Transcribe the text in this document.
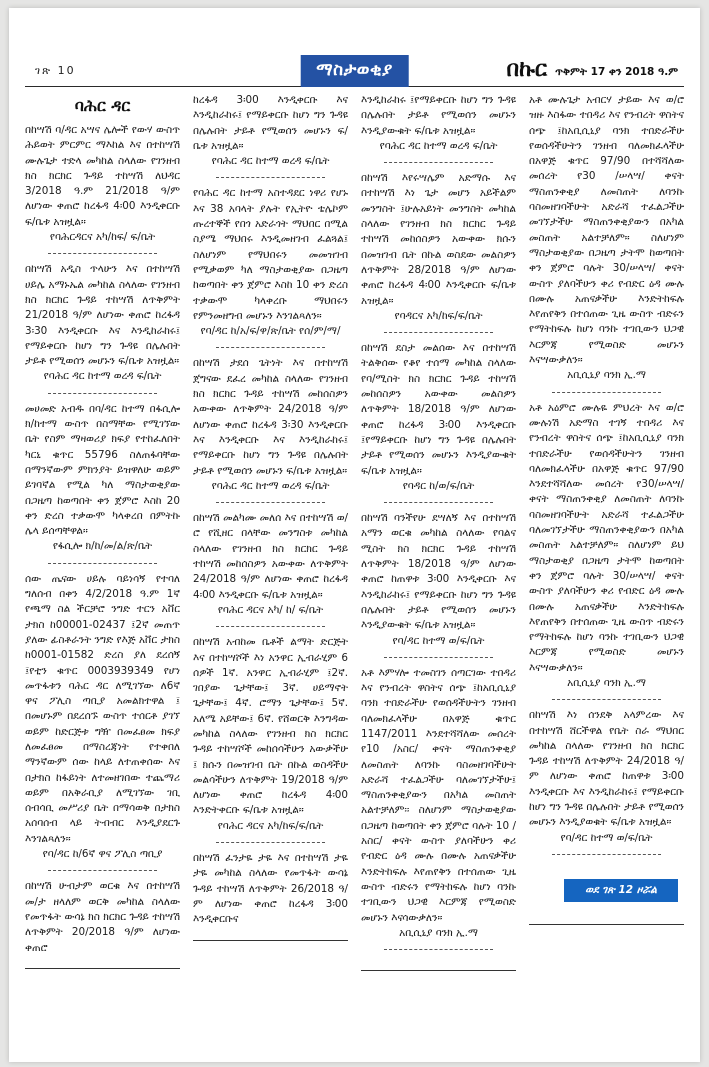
ገጽ 10	ማስታወቂያ	በኩር ጥቅምት 17 ቀን 2018 ዓ.ም
ባሕር ዳር

በከሣሽ ባ/ዳር አሣና ሌሎች የውሃ ውስጥ ሕይወት ምርምር ማእከል እና በተከሣሽ ሙሉጌታ ተድላ መካከል ስላለው የገንዘብ ክስ ክርክር ጉዳይ ተከሣሽ ለህዳር 3/2018 ዓ.ም 21/2018 ዓ/ም ለሆነው ቀጠሮ ከረፋዳ 4፡00 እንዲቀርቡ ፍ/ቤቱ አዝዟል።

የባሕርዳርና አካ/ከፍ/ ፍ/ቤት

በከሣሽ አዲስ ጥላሁን እና በተከሣሽ ሀይሌ አማኑኤል መካከል ስላለው የገንዘብ ክስ ክርክር ጉዳይ ተከሣሽ ለጥቅምት 21/2018 ዓ/ም ለሆነው ቀጠሮ ከረፋዳ 3፡30 እንዲቀርቡ እና እንዲከራከሩ፤ የማይቀርቡ ከሆነ ግን ጉዳዩ በሌሉበት ታይቶ የሚወሰን መሆኑን ፍ/ቤቱ አዝዟል።

የባሕር ዳር ከተማ ወረዳ ፍ/ቤት

መሀመድ አብዱ በባ/ዳር ከተማ በፋሲሎ ክ/ከተማ ውስጥ በስማቸው የሚገኘው ቤት የስም ማዛወሪያ ክፍያ የተከፈለበት ካርኒ ቁጥር 55796 ስለጠፋባቸው በማንኛውም ምክንያት ይዝዋለሁ ወይም ይገባኛል የሚል ካለ ማስታወቂያው በጋዜጣ ከወጣበት ቀን ጀምሮ እስከ 20 ቀን ድረስ ተቃውሞ ካላቀረበ በምትኩ ሌላ ይሰጣቸዋል።

የፋሲሎ ክ/ከ/መ/ል/ጽ/ቤት

ሰው ጤናው ሀይሉ ባይነሳኝ የተባለ ግለሰብ በቀን 4/2/2018 ዓ.ም 1ኛ የጫማ ስል ችርቻሮ ንግድ ተርን አቨር ታክስ ከ00001-02437 ፤2ኛ መጠጥ ያለው ፊስቶራንት ንግድ የእጅ አቨር ታክስ ከ0001-01582 ድረስ ያለ ደረሰኝ ፤የቲን ቁጥር 0003939349 የሆነ መጥፋቱን ባሕር ዳር ለሚገኘው ለ6ኛ ዋና ፖሊስ ጣቢያ አመልክተዋል ፤ በመሆኑም በደረሰኙ ውስጥ ተሰርቶ ያገኘ ወይም ከድርጅቱ ግዥ በመፈፀመ ክፍያ ለመፈፀመ በማስረጃነት የተቀበለ ማንኛውም ሰው ከላይ ለተጠቀሰው እና በታክስ ከፋይነት ለተመዘገበው ተጨማሪ ወይም በአቅራቢያ ለሚገኘው ገቢ ሰብሳቢ መሥሪያ ቤት በማሳወቅ በታክስ አሰባሰብ ላይ ትብብር እንዲያደርጉ እንገልጻለን።

የባ/ዳር ከ/6ኛ ዋና ፖሊስ ጣቢያ

በከሣሽ ሁብታም ወርቁ እና በተከሣሽ መ/ታ ዘላለም ወርቅ መካከል ስላለው የመጥፋት ውሳኔ ክስ ክርክር ጉዳይ ተከሣሽ ለጥቅምት 20/2018 ዓ/ም ለሆነው ቀጠሮ

ከረፋዳ 3፡00 እንዲቀርቡ እና እንዲከራከሩ፤ የማይቀርቡ ከሆነ ግን ጉዳዩ በሌሉበት ታይቶ የሚወሰን መሆኑን ፍ/ቤቱ አዝዟል።

የባሕር ዳር ከተማ ወረዳ ፍ/ቤት

የባሕር ዳር ከተማ አስተዳደር ነዋሪ የሆኑ እና 38 አባላት ያሉት የኢትዮ ቴሌኮም ጡረተኞች የበጎ አድራጎት ማህበር በሚል ስያሜ ማህበሩ እንዲመዘገብ ፈልጓል፤ ስለሆነም የማህበሩን መመዝገብ የሚቃወም ካለ ማስታወቂያው በጋዜጣ ከወጣበት ቀን ጀምሮ እስከ 10 ቀን ድረስ ተቃውሞ ካላቀረቡ ማህበሩን የምንመዘግብ መሆኑን እንገልጻለን።

የባ/ዳር ከ/አ/ፍ/ዋ/ጽ/ቤት የሰ/ም/ማ/

በከሣሽ ታደሰ ጌትነት እና በተከሣሽ ጀግናው ደፈረ መካከል ስላለው የገንዘብ ክስ ክርክር ጉዳይ ተከሣሽ መከሰስዎን አውቀው ለጥቅምት 24/2018 ዓ/ም ለሆነው ቀጠሮ ከረፋዳ 3፡30 እንዲቀርቡ እና እንዲቀርቡ እና እንዲከራከሩ፤ የማይቀርቡ ከሆነ ግን ጉዳዩ በሌሉበት ታይቶ የሚወሰን መሆኑን ፍ/ቤቱ አዝዟል።

የባሕር ዳር ከተማ ወረዳ ፍ/ቤት

በከሣሽ መልካሙ መለሰ እና በተከሣሽ ወ/ሮ የሺዘር በላቸው መንግስቱ መካከል ስላለው የገንዘብ ክስ ክርክር ጉዳይ ተከሣሽ መከሰስዎን አውቀው ለጥቅምት 24/2018 ዓ/ም ለሆነው ቀጠሮ ከረፋዳ 4፡00 እንዲቀርቡ ፍ/ቤቱ አዝዟል።

የባሕር ዳርና አካ/ ከ/ ፍ/ቤት

በከሣሽ አብከመ ቤቶች ልማት ድርጅት እና በተከሣሾች እነ አንዋር ኢብራሂም 6 ሰዎች 1ኛ. አንዋር ኢብራሂም ፤2ኛ. ገበያው ጌታቸው፤ 3ኛ. ሀይማኖት ጌታቸው፤ 4ኛ. ሮማን ጌታቸው፤ 5ኛ. አለሜ አይቸው፤ 6ኛ. የሸወርቅ እንግዳው መካከል ስላለው የገንዘብ ክስ ክርክር ጉዳይ ተከሣሾች መከሰሳችሁን አውቃችሁ ፤ ክሱን በመዝገብ ቤት በኩል ወስዳችሁ መልሳችሁን ለጥቅምት 19/2018 ዓ/ም ለሆነው ቀጠሮ ከረፋዳ 4፡00 እንድትቀርቡ ፍ/ቤቱ አዝዟል።

የባሕር ዳርና አካ/ከፍ/ፍ/ቤት

በከሣሽ ፈንታዬ ታዬ እና በተከሣሽ ታዬ ታዬ መካከል ስላለው የመጥፋት ውሳኔ ጉዳይ ተከሣሽ ለጥቅምት 26/2018 ዓ/ም ለሆነው ቀጠሮ ከረፋዳ 3፡00 እንዲቀርቡና

እንዲከራከሩ ፤የማይቀርቡ ከሆነ ግን ጉዳዩ በሌሉበት ታይቶ የሚወሰን መሆኑን እንዲያውቁት ፍ/ቤቱ አዝዟል።

የባሕር ዳር ከተማ ወረዳ ፍ/ቤት

በከሣሽ እየሩሣሌም አድማሱ እና በተከሣሽ እነ ጌታ መሆን አይችልም መንግስት ፤ሁሉአይነት መንግስት መካከል ስላለው የገንዘብ ክስ ክርክር ጉዳይ ተከሣሽ መከሰስዎን አውቀው ክሱን በመዝገብ ቤት በኩል ወስደው መልስዎን ለጥቅምት 28/2018 ዓ/ም ለሆነው ቀጠሮ ከረፋዳ 4፡00 እንዲቀርቡ ፍ/ቤቱ አዝዟል።

የባዳርና አካ/ከፍ/ፍ/ቤት

በከሣሽ ደስታ መልሰው እና በተከሣሽ ትልቅሰው የቆየ ተሰማ መካከል ስላለው የባ/ሚስት ክስ ክርክር ጉዳይ ተከሣሽ መከሰስዎን አውቀው መልስዎን ለጥቅምት 18/2018 ዓ/ም ለሆነው ቀጠሮ ከረፋዳ 3፡00 እንዲቀርቡ ፤የማይቀርቡ ከሆነ ግን ጉዳዩ በሌሉበት ታይቶ የሚወሰን መሆኑን እንዲያውቁት ፍ/ቤቱ አዝዟል።

የባዳር ከ/ወ/ፍ/ቤት

በከሣሽ ባንችየሁ ደሣለኝ እና በተከሣሽ አማን ወርቁ መካከል ስላለው የባልና ሚስት ክስ ክርክር ጉዳይ ተከሣሽ ለጥቅምት 18/2018 ዓ/ም ለሆነው ቀጠሮ ከጠዋቱ 3፡00 እንዲቀርቡ እና እንዲከራከሩ፤ የማይቀርቡ ከሆነ ግን ጉዳዩ በሌሉበት ታይቶ የሚወሰን መሆኑን እንዲያውቁት ፍ/ቤቱ አዝዟል።

የባ/ዳር ከተማ ወ/ፍ/ቤት

አቶ እምሃሎ ተመስገን ሰጣርገው ተበዳሪ እና የንብረት ዋስትና ሰጭ ፤ከአቢሲኒያ ባንክ ተበድራችሁ የወሰዳችሁትን ገንዘብ ባለመክፈላችሁ በአዋጅ ቁጥር 1147/2011 እንደተሻሻለው መሰረት የ10 /አስር/ ቀናት ማስጠንቀቂያ ለመስጠት ለባንኩ ባስመዘገባችሁት አድራሻ ተፈልጋችሁ ባለመገኘታችሁ፤ ማስጠንቀቂያውን በአካል መስጠት አልተቻለም፡፡ ስለሆነም ማስታወቂያው በጋዜጣ ከወጣበት ቀን ጀምሮ ባሉት 10 /አስር/ ቀናት ውስጥ ያለባችሁን ቀሪ የብድር ዕዳ ሙሉ በሙሉ አጠናቃችሁ እንድትከፍሉ እየጠየቅን በተሰጠው ጊዜ ውስጥ ብድሩን የማትከፍሉ ከሆነ ባንኩ ተገቢውን ህጋዊ እርምጃ የሚወስድ መሆኑን እናሳውቃለን።

አቢሲኒያ ባንክ ኢ.ማ

አቶ ሙሉጌታ አብርሃ ታይው እና ወ/ሮ ዝዙ እስፋው ተበዳሪ እና የንብረት ዋስትና ሰጭ ፤ከአቢሲኒያ ባንክ ተበድራችሁ የወሰዳችሁትን ገንዘብ ባለመክፈላችሁ በአዋጅ ቁጥር 97/90 በተሻሻለው መሰረት የ30 /ሠላሣ/ ቀናት ማስጠንቀቂያ ለመስጠት ለባንኩ ባስመዘገባችሁት አድራሻ ተፈልጋችሁ መገኘታችሁ ማስጠንቀቂያውን በአካል መስጠት አልተቻለም። ስለሆነም ማስታወቂያው በጋዜጣ ታትሞ ከወጣበት ቀን ጀምሮ ባሉት 30/ሠላሣ/ ቀናት ውስጥ ያለባችሁን ቀሪ የብድር ዕዳ ሙሉ በሙሉ አጠናቃችሁ እንድትከፍሉ እየጠየቅን በተሰጠው ጊዜ ውስጥ ብድሩን የማትከፍሉ ከሆነ ባንኩ ተገቢውን ህጋዊ እርምጃ የሚወስድ መሆኑን እናሣውቃለን።

አቢሲኒያ ባንክ ኢ.ማ

አቶ አዕምሮ ሙሉዬ ምህረት እና ወ/ሮ ሙሉነሽ አድማስ ተገኝ ተበዳሪ እና የንብረት ዋስትና ሰጭ ፤ከአቢሲኒያ ባንክ ተበድራችሁ የወሰዳችሁትን ገንዘብ ባለመክፈላችሁ በአዋጅ ቁጥር 97/90 እንደተሻሻለው መሰረት የ30/ሠላሣ/ ቀናት ማስጠንቀቂያ ለመስጠት ለባንኩ ባስመዘገባችሁት አድራሻ ተፈልጋችሁ ባለመገኘታችሁ ማስጠንቀቂያውን በአካል መስጠት አልተቻለም። ስለሆነም ይህ ማስታወቂያ በጋዜጣ ታትሞ ከወጣበት ቀን ጀምሮ ባሉት 30/ሠላሣ/ ቀናት ውስጥ ያለባችሁን ቀሪ የብድር ዕዳ ሙሉ በሙሉ አጠናቃችሁ እንድትከፍሉ እየጠየቅን በተሰጠው ጊዜ ውስጥ ብድሩን የማትከፍሉ ከሆነ ባንኩ ተገቢውን ህጋዊ እርምጃ የሚወስድ መሆኑን እናሣውቃለን።

አቢሲኒያ ባንክ ኢ.ማ

በከሣሽ እነ ሰንደቅ አላምረው እና በተከሣሽ ሸርችዋል የቤት ስራ ማህበር መካከል ስላለው የገንዘብ ክስ ክርክር ጉዳይ ተከሣሽ ለጥቅምት 24/2018 ዓ/ም ለሆነው ቀጠሮ ከጠዋቱ 3፡00 እንዲቀርቡ እና እንዲከራከሩ፤ የማይቀርቡ ከሆነ ግን ጉዳዩ በሌሉበት ታይቶ የሚወሰን መሆኑን እንዲያወቁት ፍ/ቤቱ አዝዟል።

የባ/ዳር ከተማ ወ/ፍ/ቤት

ወደ ገጽ 12 ዞሯል
